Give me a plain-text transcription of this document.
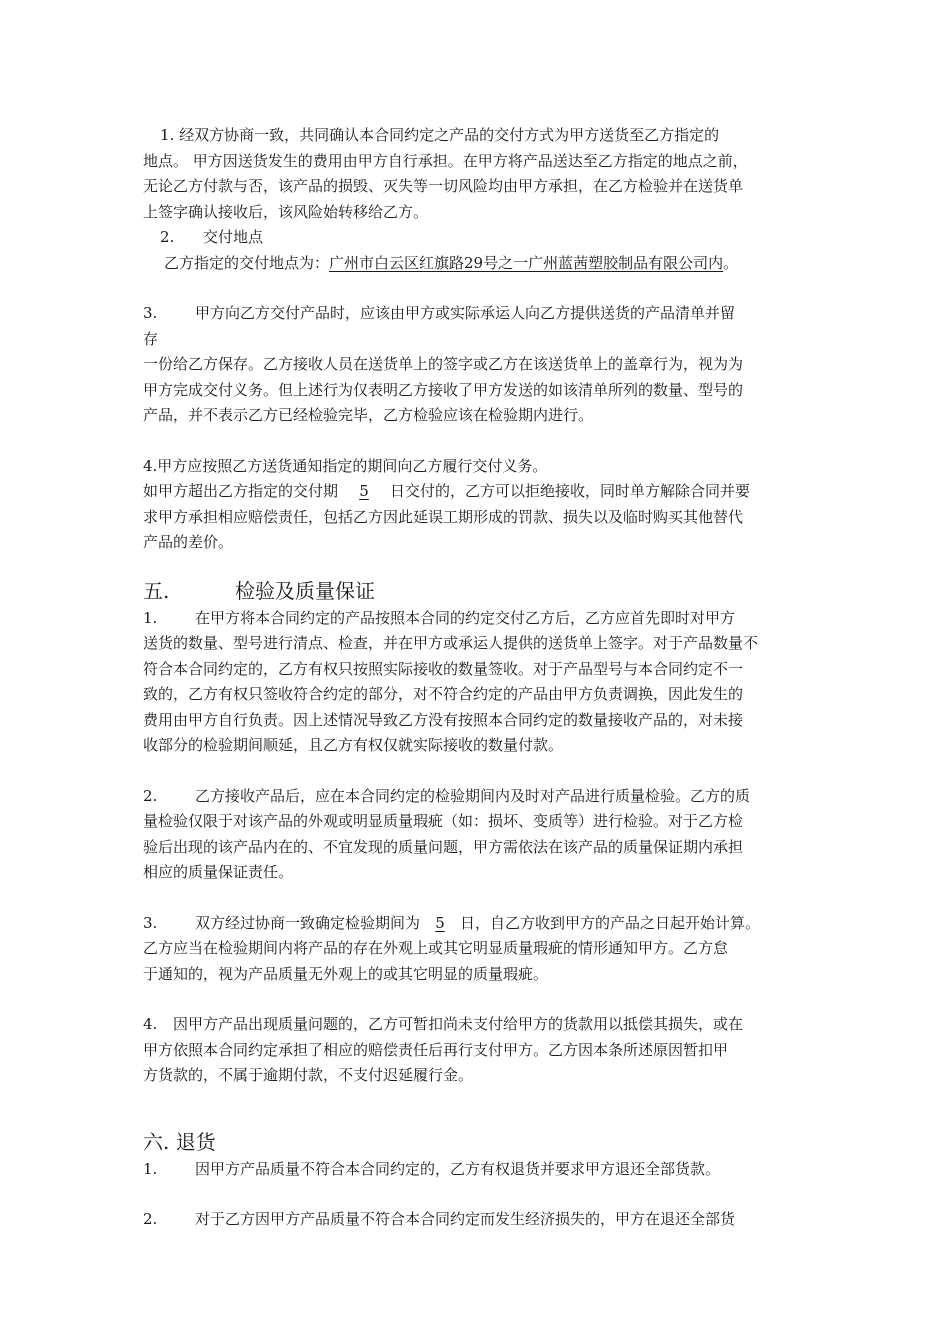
1. 经双方协商一致，共同确认本合同约定之产品的交付方式为甲方送货至乙方指定的
地点。 甲方因送货发生的费用由甲方自行承担。在甲方将产品送达至乙方指定的地点之前，
无论乙方付款与否，该产品的损毁、灭失等一切风险均由甲方承担，在乙方检验并在送货单
上签字确认接收后，该风险始转移给乙方。
2. 交付地点
乙方指定的交付地点为：广州市白云区红旗路29号之一广州蓝茜塑胶制品有限公司内。
3.	甲方向乙方交付产品时，应该由甲方或实际承运人向乙方提供送货的产品清单并留
存
一份给乙方保存。乙方接收人员在送货单上的签字或乙方在该送货单上的盖章行为，视为为
甲方完成交付义务。但上述行为仅表明乙方接收了甲方发送的如该清单所列的数量、型号的
产品，并不表示乙方已经检验完毕，乙方检验应该在检验期内进行。
4.甲方应按照乙方送货通知指定的期间向乙方履行交付义务。
如甲方超出乙方指定的交付期 5 日交付的，乙方可以拒绝接收，同时单方解除合同并要
求甲方承担相应赔偿责任，包括乙方因此延误工期形成的罚款、损失以及临时购买其他替代
产品的差价。
五.	检验及质量保证
1.	在甲方将本合同约定的产品按照本合同的约定交付乙方后，乙方应首先即时对甲方
送货的数量、型号进行清点、检查，并在甲方或承运人提供的送货单上签字。对于产品数量不
符合本合同约定的，乙方有权只按照实际接收的数量签收。对于产品型号与本合同约定不一
致的，乙方有权只签收符合约定的部分，对不符合约定的产品由甲方负责调换，因此发生的
费用由甲方自行负责。因上述情况导致乙方没有按照本合同约定的数量接收产品的，对未接
收部分的检验期间顺延，且乙方有权仅就实际接收的数量付款。
2.	乙方接收产品后，应在本合同约定的检验期间内及时对产品进行质量检验。乙方的质
量检验仅限于对该产品的外观或明显质量瑕疵（如：损坏、变质等）进行检验。对于乙方检
验后出现的该产品内在的、不宜发现的质量问题，甲方需依法在该产品的质量保证期内承担
相应的质量保证责任。
3.	双方经过协商一致确定检验期间为 5 日，自乙方收到甲方的产品之日起开始计算。
乙方应当在检验期间内将产品的存在外观上或其它明显质量瑕疵的情形通知甲方。乙方怠
于通知的，视为产品质量无外观上的或其它明显的质量瑕疵。
4. 因甲方产品出现质量问题的，乙方可暂扣尚未支付给甲方的货款用以抵偿其损失，或在
甲方依照本合同约定承担了相应的赔偿责任后再行支付甲方。乙方因本条所述原因暂扣甲
方货款的，不属于逾期付款，不支付迟延履行金。
六. 退货
1.	因甲方产品质量不符合本合同约定的，乙方有权退货并要求甲方退还全部货款。
2.	对于乙方因甲方产品质量不符合本合同约定而发生经济损失的，甲方在退还全部货
